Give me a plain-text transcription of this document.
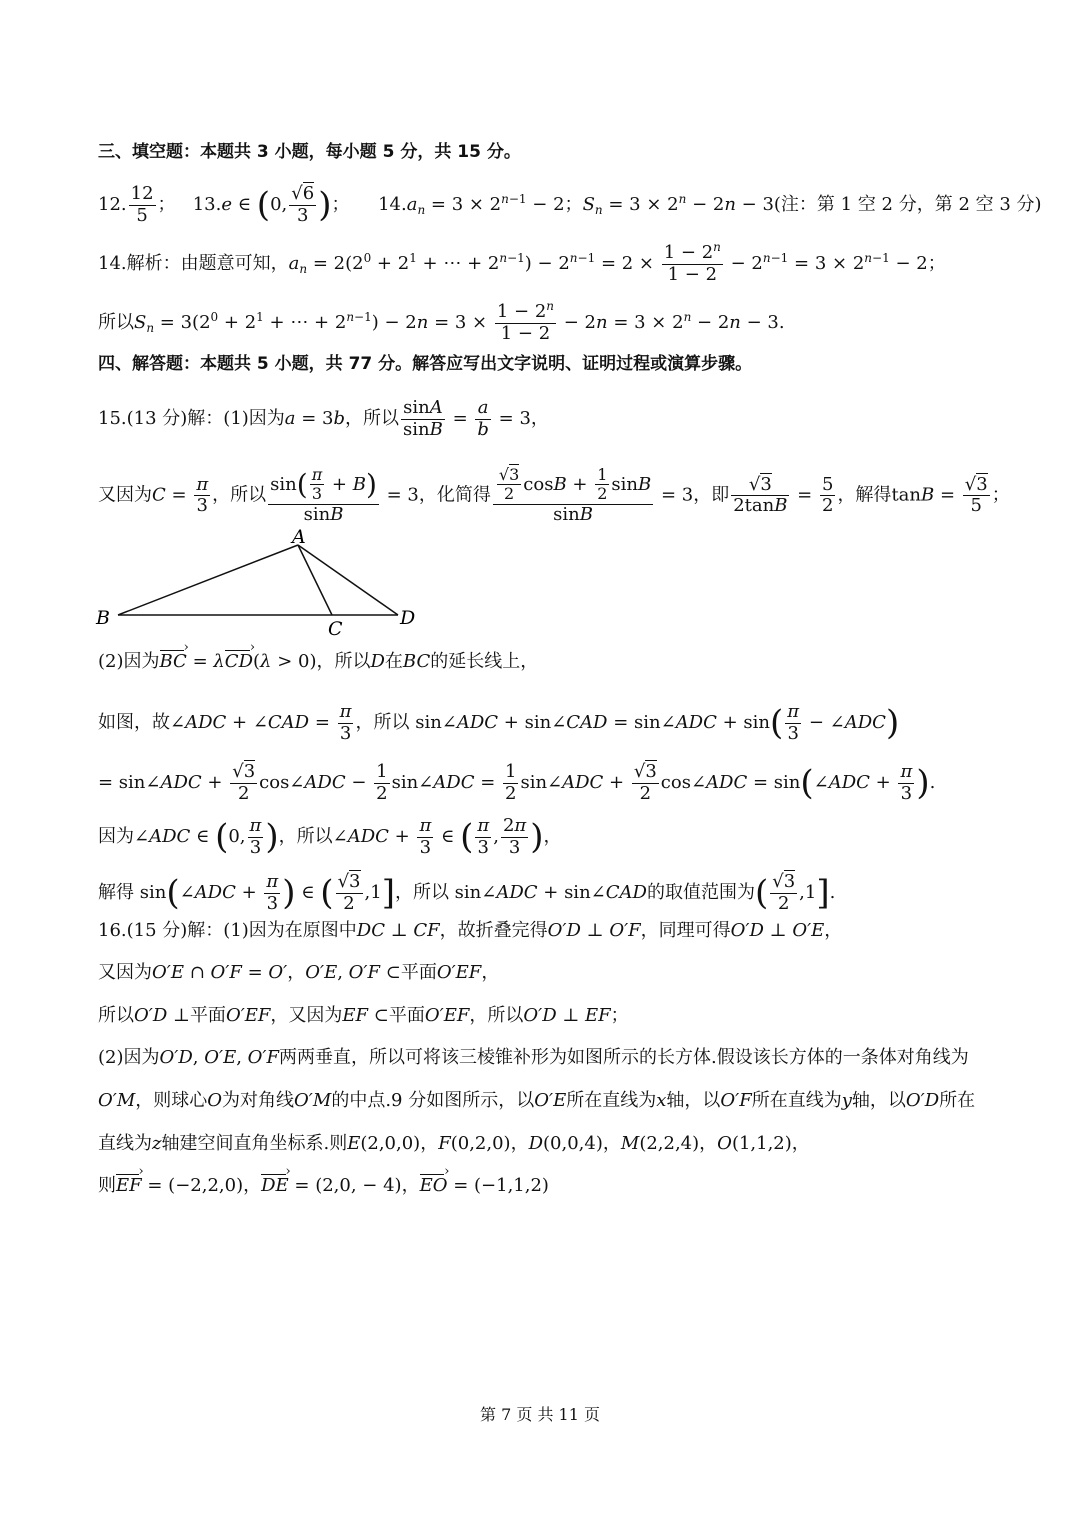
三、填空题：本题共 3 小题，每小题 5 分，共 15 分。
12. $\frac{12}{5}$ ；   13.e ∈ (0, $\frac{√6}{3}$ )；     $14.a_n = 3 \times 2^{n-1} - 2$；$S_n = 3 \times 2^n - 2n - 3$(注：第 1 空 2 分，第 2 空 3 分)
14.解析：由题意可知，$a_n = 2(2^0 + 2^1$ + ⋯ + $2^{n-1}) - 2^{n-1} = 2 \times \frac{1 - 2^n}{1 - 2} - 2^{n-1} = 3 \times 2^{n-1} - 2$；
所以$S_n = 3(2^0 + 2^1$ + ⋯ + $2^{n-1}) - 2n = 3 \times \frac{1 - 2^n}{1 - 2} - 2n = 3 \times 2^n - 2n - 3$.
四、解答题：本题共 5 小题，共 77 分。解答应写出文字说明、证明过程或演算步骤。
15.(13 分)解：(1)因为a = 3b，所以 $\frac{\sin A}{\sin B} = \frac{a}{b} = 3$，
又因为$C = \frac{\pi}{3}$ ，所以 $\frac{\sin( \frac{\pi}{3} + B)}{\sin B} = 3$，化简得 $\frac{\frac{√3}{2} \cos B + \frac{1}{2} \sin B}{\sin B} = 3$，即 $\frac{√3}{2\tan B} = \frac{5}{2}$ ，解得$\tan B = \frac{√3}{5}$ ；
A
B	C	D
(2)因为BC › = λCD ›(λ > 0)，所以D在BC的延长线上，
如图，故∠ADC + ∠CAD = $\frac{\pi}{3}$ ，所以 sin∠ADC + sin∠CAD = sin∠ADC + $\sin( \frac{\pi}{3}$ − ∠ADC)
= sin∠ADC + $\frac{√3}{2}$ cos∠ADC − $\frac{1}{2}$ sin∠ADC = $\frac{1}{2}$ sin∠ADC + $\frac{√3}{2}$ cos∠ADC = sin(∠ADC + $\frac{\pi}{3}$ ).
因为∠ADC ∈ (0, $\frac{\pi}{3}$ )，所以∠ADC + $\frac{\pi}{3}$ ∈ ( $\frac{\pi}{3}$ , $\frac{2\pi}{3}$ )，
解得 sin(∠ADC + $\frac{\pi}{3}$ ) ∈ ( $\frac{√3}{2} ,1$]，所以 sin∠ADC + sin∠CAD的取值范围为( $\frac{√3}{2} ,1$].
16.(15 分)解：(1)因为在原图中DC ⊥ CF，故折叠完得O′D ⊥ O′F，同理可得O′D ⊥ O′E，
又因为O′E ∩ O′F = O′，O′E, O′F ⊂平面O′EF，
所以O′D ⊥平面O′EF，又因为EF ⊂平面O′EF，所以O′D ⊥ EF；
(2)因为O′D, O′E, O′F两两垂直，所以可将该三棱锥补形为如图所示的长方体.假设该长方体的一条体对角线为
O′M，则球心O为对角线O′M的中点.9 分如图所示，以O′E所在直线为x轴，以O′F所在直线为y轴，以O′D所在
直线为z轴建空间直角坐标系.则E(2,0,0)，F(0,2,0)，D(0,0,4)，M(2,2,4)，O(1,1,2)，
则EF › = (−2,2,0)，DE › = (2,0, − 4)，EO › = (−1,1,2)
第 7 页 共 11 页
